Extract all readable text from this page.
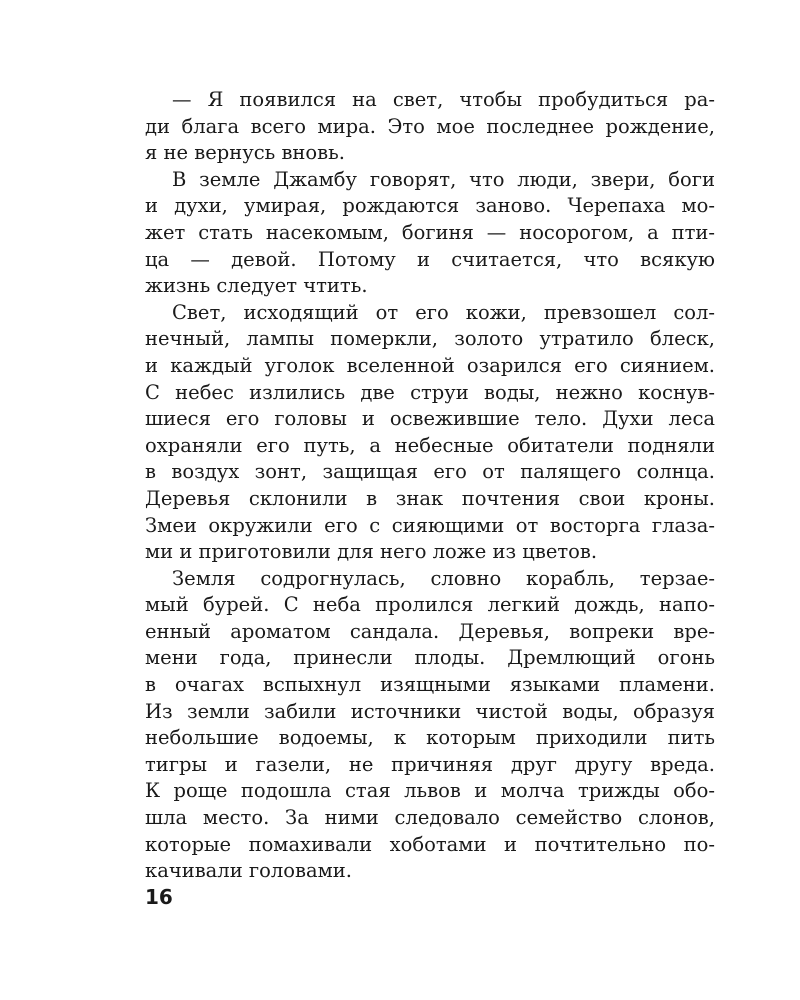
— Я появился на свет, чтобы пробудиться ра-
ди блага всего мира. Это мое последнее рождение,
я не вернусь вновь.
В земле Джамбу говорят, что люди, звери, боги
и духи, умирая, рождаются заново. Черепаха мо-
жет стать насекомым, богиня — носорогом, а пти-
ца — девой. Потому и считается, что всякую
жизнь следует чтить.
Свет, исходящий от его кожи, превзошел сол-
нечный, лампы померкли, золото утратило блеск,
и каждый уголок вселенной озарился его сиянием.
С небес излились две струи воды, нежно коснув-
шиеся его головы и освежившие тело. Духи леса
охраняли его путь, а небесные обитатели подняли
в воздух зонт, защищая его от палящего солнца.
Деревья склонили в знак почтения свои кроны.
Змеи окружили его с сияющими от восторга глаза-
ми и приготовили для него ложе из цветов.
Земля содрогнулась, словно корабль, терзае-
мый бурей. С неба пролился легкий дождь, напо-
енный ароматом сандала. Деревья, вопреки вре-
мени года, принесли плоды. Дремлющий огонь
в очагах вспыхнул изящными языками пламени.
Из земли забили источники чистой воды, образуя
небольшие водоемы, к которым приходили пить
тигры и газели, не причиняя друг другу вреда.
К роще подошла стая львов и молча трижды обо-
шла место. За ними следовало семейство слонов,
которые помахивали хоботами и почтительно по-
качивали головами.
16
